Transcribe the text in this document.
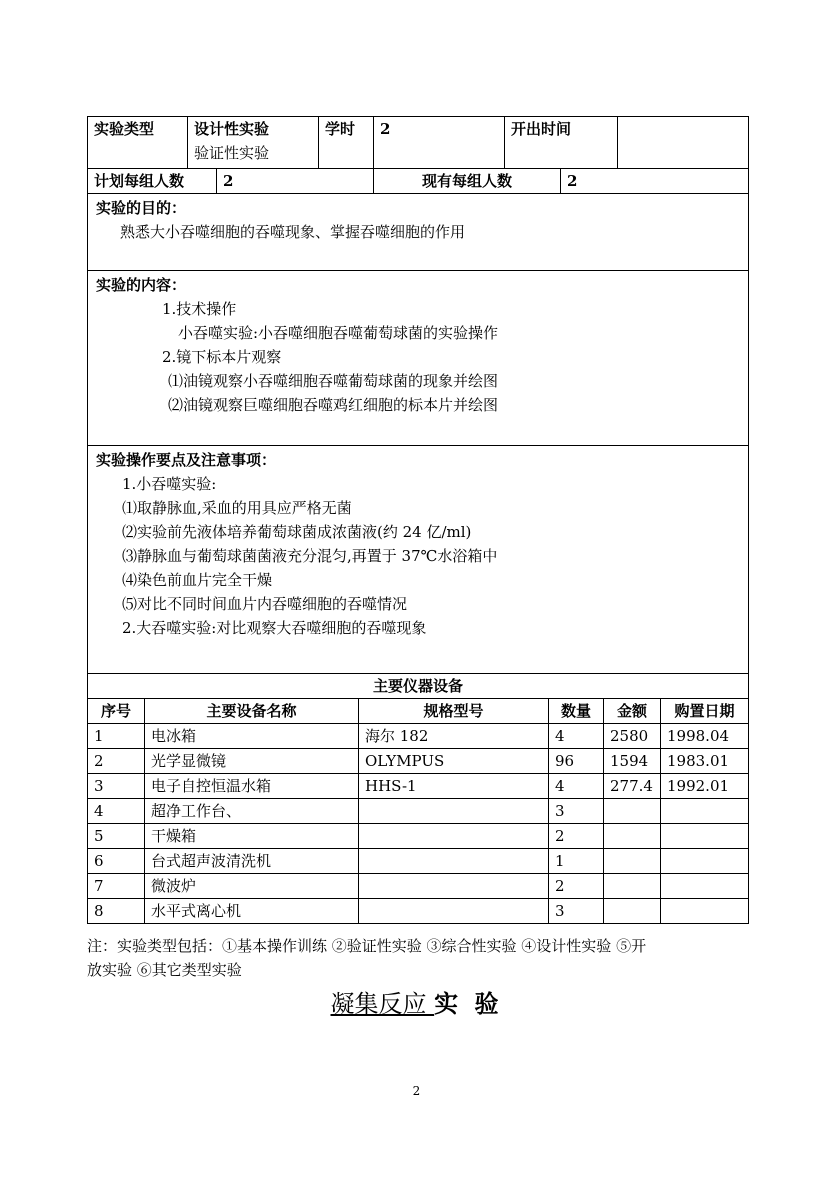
实验类型	设计性实验
验证性实验
	学时	2	开出时间	
计划每组人数	2	现有每组人数	2
实验的目的：
熟悉大小吞噬细胞的吞噬现象、掌握吞噬细胞的作用

实验的内容：
1.技术操作
小吞噬实验:小吞噬细胞吞噬葡萄球菌的实验操作
2.镜下标本片观察
⑴油镜观察小吞噬细胞吞噬葡萄球菌的现象并绘图
⑵油镜观察巨噬细胞吞噬鸡红细胞的标本片并绘图

实验操作要点及注意事项：
1.小吞噬实验:
⑴取静脉血,采血的用具应严格无菌
⑵实验前先液体培养葡萄球菌成浓菌液(约 24 亿/ml)
⑶静脉血与葡萄球菌菌液充分混匀,再置于 37℃水浴箱中
⑷染色前血片完全干燥
⑸对比不同时间血片内吞噬细胞的吞噬情况
2.大吞噬实验:对比观察大吞噬细胞的吞噬现象
主要仪器设备					
序号	主要设备名称	规格型号	数量	金额	购置日期
1	电冰箱	海尔 182	4	2580	1998.04
2	光学显微镜	OLYMPUS	96	1594	1983.01
3	电子自控恒温水箱	HHS-1	4	277.4	1992.01
4	超净工作台、		3		
5	干燥箱		2		
6	台式超声波清洗机		1		
7	微波炉		2		
8	水平式离心机		3		
注：实验类型包括：①基本操作训练 ②验证性实验 ③综合性实验 ④设计性实验 ⑤开
放实验 ⑥其它类型实验
凝集反应 实 验
2
